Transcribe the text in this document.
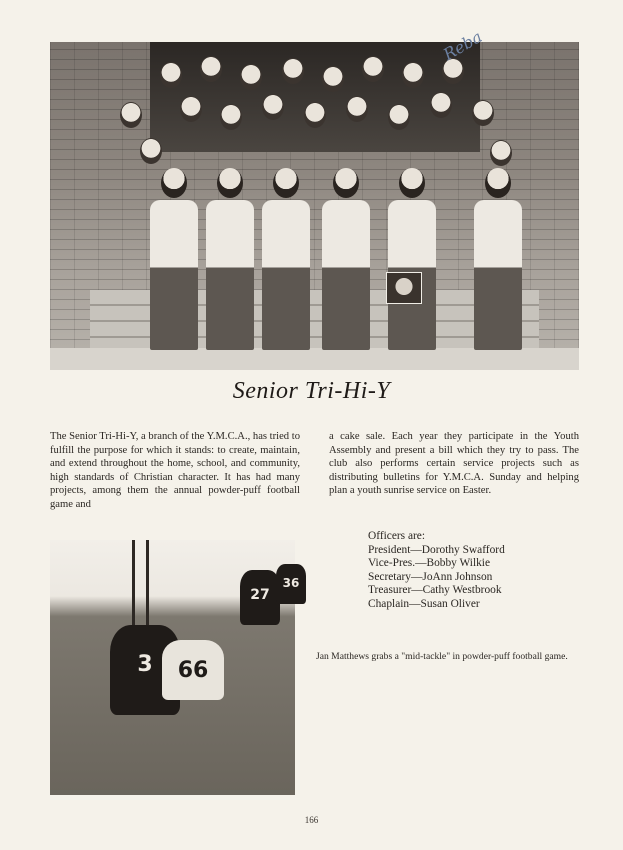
Reba
Senior Tri-Hi-Y
The Senior Tri-Hi-Y, a branch of the Y.M.C.A., has tried to fulfill the purpose for which it stands: to create, maintain, and extend throughout the home, school, and community, high standards of Christian character. It has had many projects, among them the annual powder-puff football game and
a cake sale. Each year they participate in the Youth Assembly and present a bill which they try to pass. The club also performs certain service projects such as distributing bulletins for Y.M.C.A. Sunday and helping plan a youth sunrise service on Easter.
Officers are:
President—Dorothy Swafford
Vice-Pres.—Bobby Wilkie
Secretary—JoAnn Johnson
Treasurer—Cathy Westbrook
Chaplain—Susan Oliver
3	66
27
36
Jan Matthews grabs a "mid-tackle" in powder-puff football game.
166
